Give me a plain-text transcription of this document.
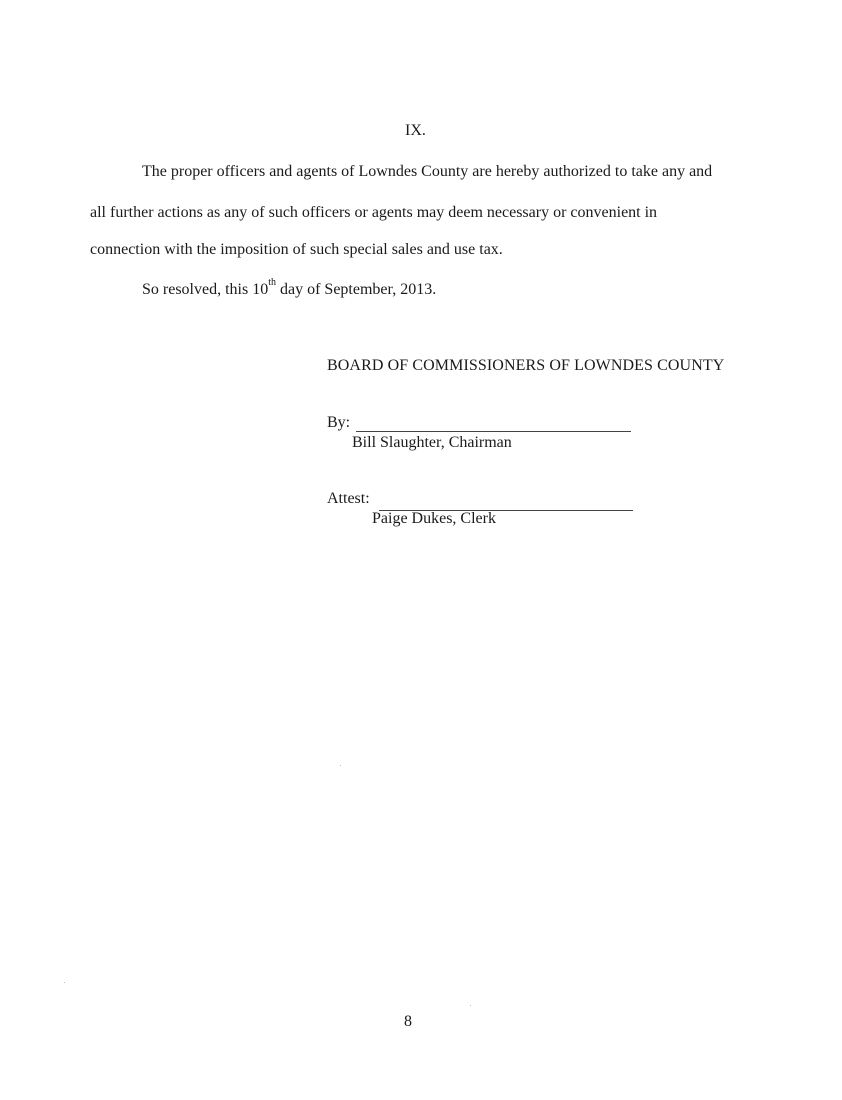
IX.
The proper officers and agents of Lowndes County are hereby authorized to take any and
all further actions as any of such officers or agents may deem necessary or convenient in
connection with the imposition of such special sales and use tax.
So resolved, this 10th day of September, 2013.
BOARD OF COMMISSIONERS OF LOWNDES COUNTY
By:
Bill Slaughter, Chairman
Attest:
Paige Dukes, Clerk
8
